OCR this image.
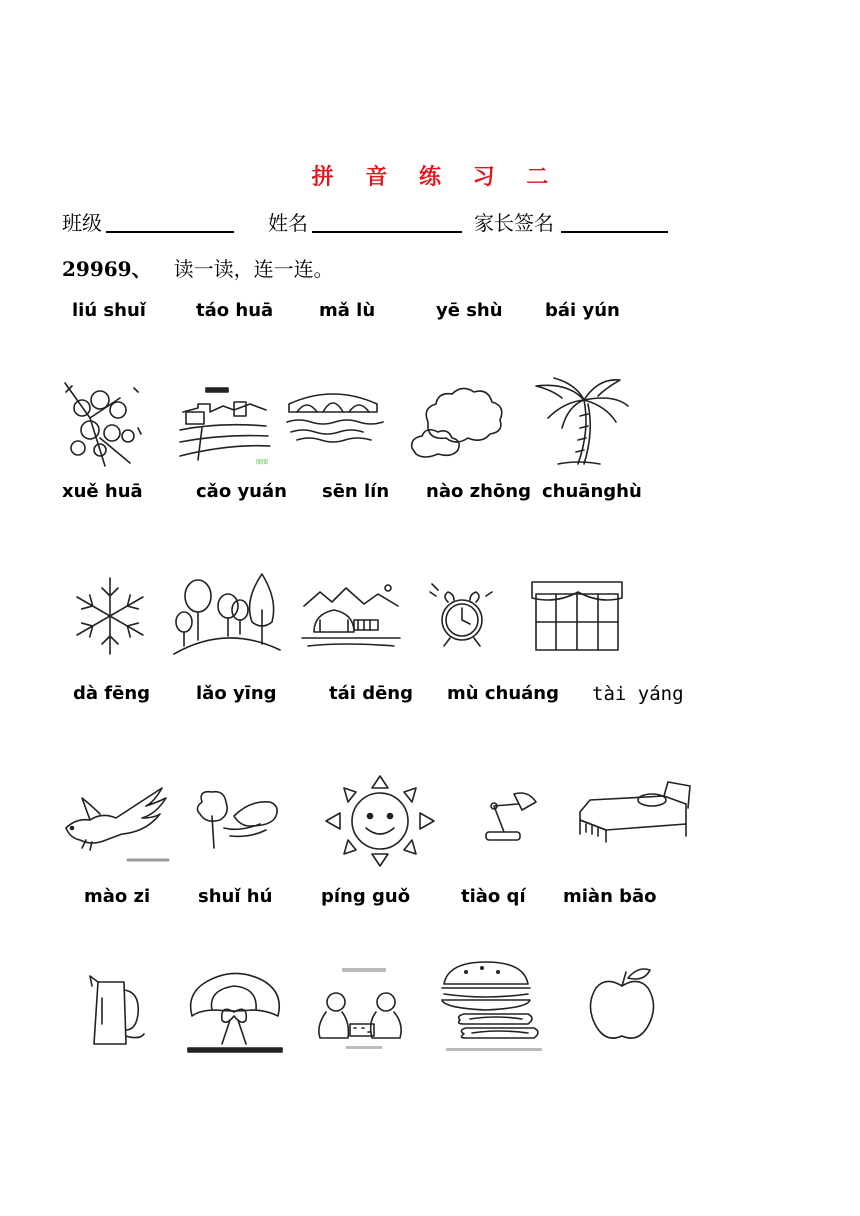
拼 音 练 习 二
班级	姓名	家长签名
29969、 读一读，连一连。
liú shuǐ	táo huā	mǎ lù	yē shù bái yún
图图
xuě huā	cǎo yuán sēn lín nào zhōng chuānghù
dà fēng	lǎo yīng	tái dēng mù chuáng tài yáng
mào zi	shuǐ hú	píng guǒ	tiào qí miàn bāo
